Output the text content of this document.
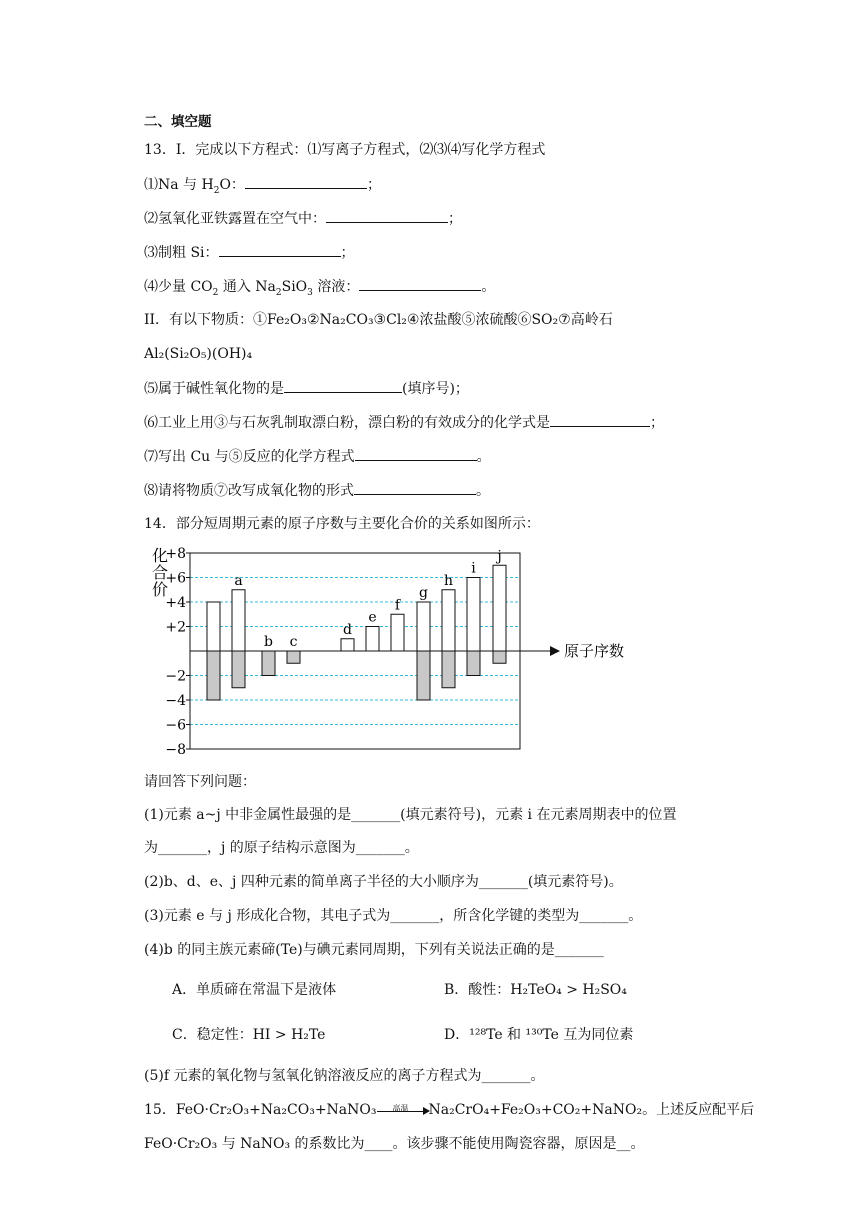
二、填空题
13．I．完成以下方程式：⑴写离子方程式，⑵⑶⑷写化学方程式
⑴Na 与 $H_2O$：	；
⑵氢氧化亚铁露置在空气中：	；
⑶制粗 Si：	；
⑷少量 $CO_2$ 通入 $Na_2SiO_3$ 溶液：	。
II．有以下物质：①Fe₂O₃②Na₂CO₃③Cl₂④浓盐酸⑤浓硫酸⑥SO₂⑦高岭石
Al₂(Si₂O₅)(OH)₄
⑸属于碱性氧化物的是	(填序号)；
⑹工业上用③与石灰乳制取漂白粉，漂白粉的有效成分的化学式是	；
⑺写出 Cu 与⑤反应的化学方程式	。
⑻请将物质⑦改写成氧化物的形式	。
14．部分短周期元素的原子序数与主要化合价的关系如图所示：
原子序数
化
合
价
+8
+6
+4
+2
−2
−4
−6
−8
a
b c
d
e
f
g
h
i
j
请回答下列问题：
(1)元素 a~j 中非金属性最强的是_______(填元素符号)，元素 i 在元素周期表中的位置
为_______，j 的原子结构示意图为_______。
(2)b、d、e、j 四种元素的简单离子半径的大小顺序为_______(填元素符号)。
(3)元素 e 与 j 形成化合物，其电子式为_______，所含化学键的类型为_______。
(4)b 的同主族元素碲(Te)与碘元素同周期，下列有关说法正确的是_______
A．单质碲在常温下是液体	B．酸性：H₂TeO₄ > H₂SO₄
C．稳定性：HI > H₂Te	D．¹²⁸Te 和 ¹³⁰Te 互为同位素
(5)f 元素的氧化物与氢氧化钠溶液反应的离子方程式为_______。
15．FeO·Cr₂O₃+Na₂CO₃+NaNO₃	高温	Na₂CrO₄+Fe₂O₃+CO₂+NaNO₂。上述反应配平后
FeO·Cr₂O₃ 与 NaNO₃ 的系数比为____。该步骤不能使用陶瓷容器，原因是__。
